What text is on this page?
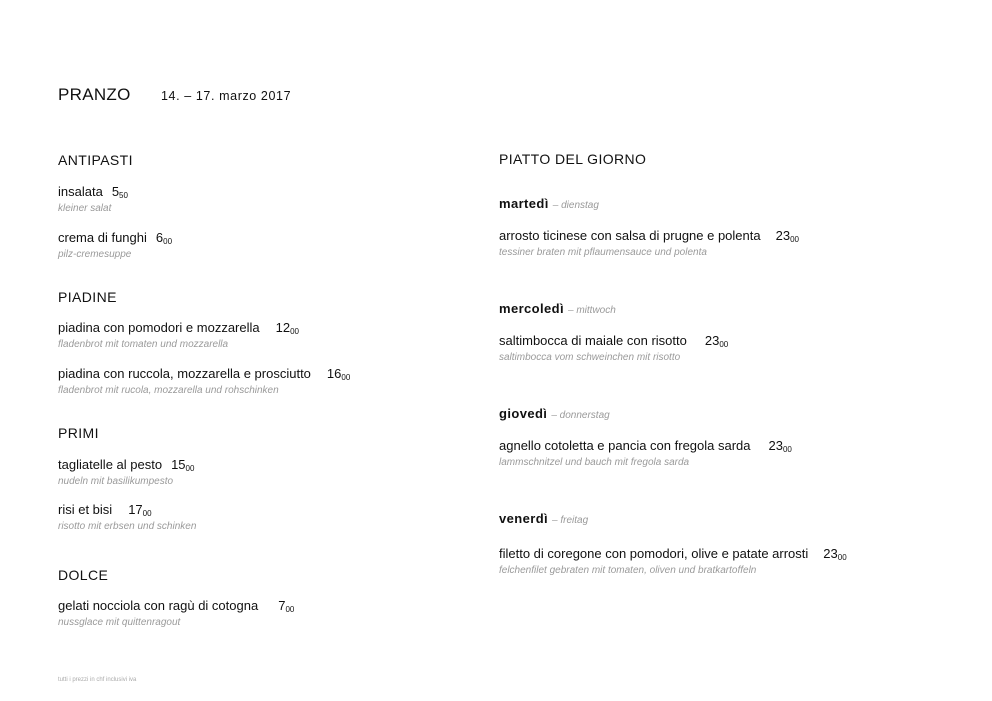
PRANZO 14. – 17. marzo 2017
ANTIPASTI
insalata $5_{50}$
kleiner salat
crema di funghi $6_{00}$
pilz-cremesuppe
PIADINE
piadina con pomodori e mozzarella $12_{00}$
fladenbrot mit tomaten und mozzarella
piadina con ruccola, mozzarella e prosciutto $16_{00}$
fladenbrot mit rucola, mozzarella und rohschinken
PRIMI
tagliatelle al pesto $15_{00}$
nudeln mit basilikumpesto
risi et bisi $17_{00}$
risotto mit erbsen und schinken
DOLCE
gelati nocciola con ragù di cotogna $7_{00}$
nussglace mit quittenragout
PIATTO DEL GIORNO
martedì – dienstag
arrosto ticinese con salsa di prugne e polenta $23_{00}$
tessiner braten mit pflaumensauce und polenta
mercoledì – mittwoch
saltimbocca di maiale con risotto $23_{00}$
saltimbocca vom schweinchen mit risotto
giovedì – donnerstag
agnello cotoletta e pancia con fregola sarda $23_{00}$
lammschnitzel und bauch mit fregola sarda
venerdì – freitag
filetto di coregone con pomodori, olive e patate arrosti $23_{00}$
felchenfilet gebraten mit tomaten, oliven und bratkartoffeln
tutti i prezzi in chf inclusivi iva
